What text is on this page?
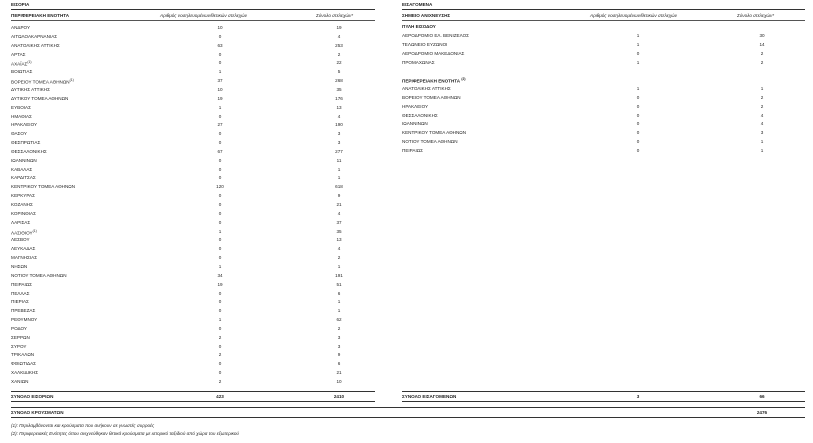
ΕΙΣΟΡΙΑ
ΠΕΡΙΦΕΡΕΙΑΚΗ ΕΝΟΤΗΤΑ	Αριθμός νοσηλευομένων/θετικών στελεχών	Σύνολο στελεχών*
ΑΝΔΡΟΥ	10	19
ΑΙΤΩΛΟΑΚΑΡΝΑΝΙΑΣ	0	4
ΑΝΑΤΟΛΙΚΗΣ ΑΤΤΙΚΗΣ	63	253
ΑΡΤΑΣ	0	2
ΑΧΑΪΑΣ$^{(1)}$	0	22
ΒΟΙΩΤΙΑΣ	1	5
ΒΟΡΕΙΟΥ ΤΟΜΕΑ ΑΘΗΝΩΝ$^{(1)}$	37	268
ΔΥΤΙΚΗΣ ΑΤΤΙΚΗΣ	10	35
ΔΥΤΙΚΟΥ ΤΟΜΕΑ ΑΘΗΝΩΝ	19	176
ΕΥΒΟΙΑΣ	1	13
ΗΜΑΘΙΑΣ	0	4
ΗΡΑΚΛΕΙΟΥ	27	190
ΘΑΣΟΥ	0	3
ΘΕΣΠΡΩΤΙΑΣ	0	3
ΘΕΣΣΑΛΟΝΙΚΗΣ	67	277
ΙΩΑΝΝΙΝΩΝ	0	11
ΚΑΒΑΛΑΣ	0	1
ΚΑΡΔΙΤΣΑΣ	0	1
ΚΕΝΤΡΙΚΟΥ ΤΟΜΕΑ ΑΘΗΝΩΝ	120	618
ΚΕΡΚΥΡΑΣ	0	9
ΚΟΖΑΝΗΣ	0	21
ΚΟΡΙΝΘΙΑΣ	0	4
ΛΑΡΙΣΑΣ	0	37
ΛΑΣΙΘΙΟΥ$^{(1)}$	1	35
ΛΕΣΒΟΥ	0	13
ΛΕΥΚΑΔΑΣ	0	4
ΜΑΓΝΗΣΙΑΣ	0	2
ΝΗΣΩΝ	1	1
ΝΟΤΙΟΥ ΤΟΜΕΑ ΑΘΗΝΩΝ	34	191
ΠΕΙΡΑΙΩΣ	19	51
ΠΕΛΛΑΣ	0	6
ΠΙΕΡΙΑΣ	0	1
ΠΡΕΒΕΖΑΣ	0	1
ΡΕΘΥΜΝΟΥ	1	62
ΡΟΔΟΥ	0	2
ΣΕΡΡΩΝ	2	3
ΣΥΡΟΥ	0	3
ΤΡΙΚΑΛΩΝ	2	9
ΦΘΙΩΤΙΔΑΣ	0	6
ΧΑΛΚΙΔΙΚΗΣ	0	21
ΧΑΝΙΩΝ	2	10
ΣΥΝΟΛΟ ΕΙΣΟΡΙΩΝ	423	2410
ΕΙΣΑΓΟΜΕΝΑ
ΣΗΜΕΙΟ ΑΝΙΧΝΕΥΣΗΣ	Αριθμός νοσηλευομένων/θετικών στελεχών	Σύνολο στελεχών*
ΠΥΛΗ ΕΙΣΟΔΟΥ
ΑΕΡΟΔΡΟΜΙΟ ΕΛ. ΒΕΝΙΖΕΛΟΣ	1	30
ΤΕΛΩΝΕΙΟ ΕΥΖΩΝΟΙ	1	14
ΑΕΡΟΔΡΟΜΙΟ ΜΑΚΕΔΟΝΙΑΣ	0	2
ΠΡΟΜΑΧΩΝΑΣ	1	2
ΠΕΡΙΦΕΡΕΙΑΚΗ ΕΝΟΤΗΤΑ $^{(2)}$
ΑΝΑΤΟΛΙΚΗΣ ΑΤΤΙΚΗΣ	1	1
ΒΟΡΕΙΟΥ ΤΟΜΕΑ ΑΘΗΝΩΝ	0	2
ΗΡΑΚΛΕΙΟΥ	0	2
ΘΕΣΣΑΛΟΝΙΚΗΣ	0	4
ΙΩΑΝΝΙΝΩΝ	0	4
ΚΕΝΤΡΙΚΟΥ ΤΟΜΕΑ ΑΘΗΝΩΝ	0	3
ΝΟΤΙΟΥ ΤΟΜΕΑ ΑΘΗΝΩΝ	0	1
ΠΕΙΡΑΙΩΣ	0	1
ΣΥΝΟΛΟ ΕΙΣΑΓΟΜΕΝΩΝ	3	66
ΣΥΝΟΛΟ ΚΡΟΥΣΜΑΤΩΝ	2476
(1): Περιλαμβάνονται και κρούσματα που ανήκουν σε γνωστές συρροές
(2): Περιφερειακές Ενότητες όπου ανιχνεύθηκαν θετικά κρούσματα με ιστορικό ταξιδιού από χώρα του εξωτερικού
